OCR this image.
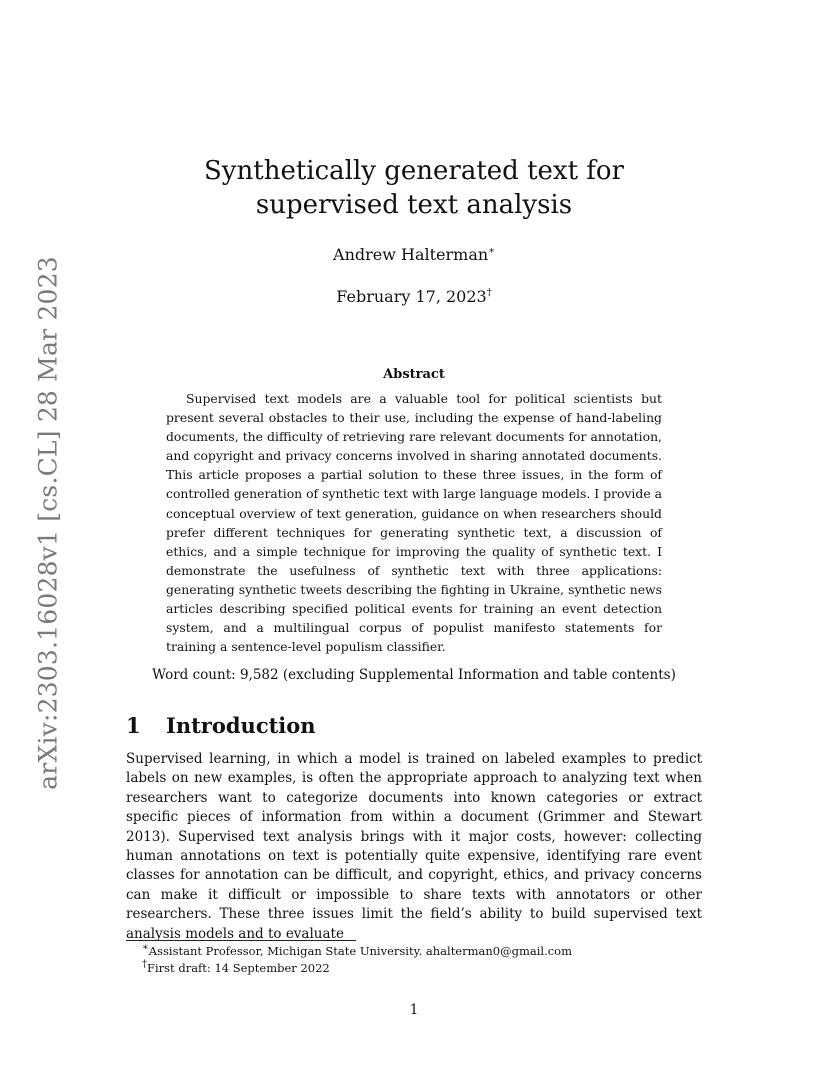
arXiv:2303.16028v1 [cs.CL] 28 Mar 2023
Synthetically generated text for supervised text analysis
Andrew Halterman∗
February 17, 2023†
Abstract

Supervised text models are a valuable tool for political scientists but present several obstacles to their use, including the expense of hand-labeling documents, the difficulty of retrieving rare relevant documents for annotation, and copyright and privacy concerns involved in sharing annotated documents. This article proposes a partial solution to these three issues, in the form of controlled generation of synthetic text with large language models. I provide a conceptual overview of text generation, guidance on when researchers should prefer different techniques for generating synthetic text, a discussion of ethics, and a simple technique for improving the quality of synthetic text. I demonstrate the usefulness of synthetic text with three applications: generating synthetic tweets describing the fighting in Ukraine, synthetic news articles describing specified political events for training an event detection system, and a multilingual corpus of populist manifesto statements for training a sentence-level populism classifier.

Word count: 9,582 (excluding Supplemental Information and table contents)
1 Introduction

Supervised learning, in which a model is trained on labeled examples to predict labels on new examples, is often the appropriate approach to analyzing text when researchers want to categorize documents into known categories or extract specific pieces of information from within a document (Grimmer and Stewart 2013). Supervised text analysis brings with it major costs, however: collecting human annotations on text is potentially quite expensive, identifying rare event classes for annotation can be difficult, and copyright, ethics, and privacy concerns can make it difficult or impossible to share texts with annotators or other researchers. These three issues limit the field’s ability to build supervised text analysis models and to evaluate

∗Assistant Professor, Michigan State University. ahalterman0@gmail.com
†First draft: 14 September 2022
1
